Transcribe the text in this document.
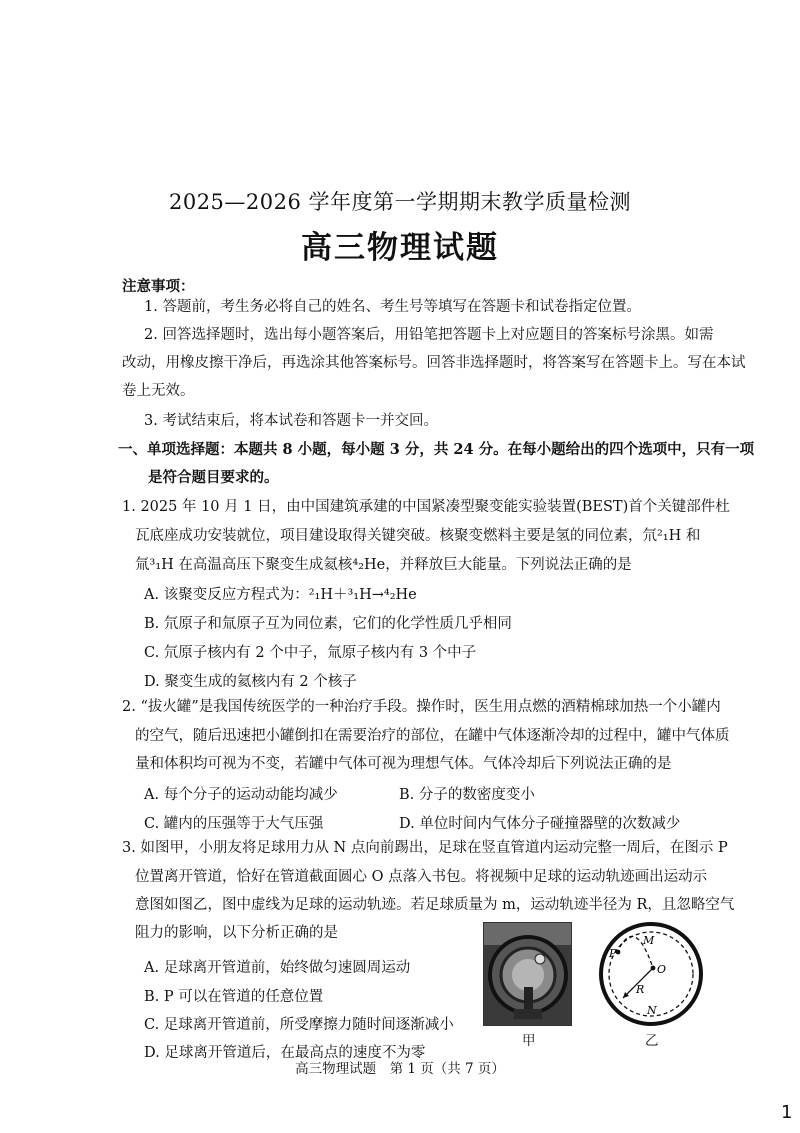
2025—2026 学年度第一学期期末教学质量检测
高三物理试题
注意事项：
1. 答题前，考生务必将自己的姓名、考生号等填写在答题卡和试卷指定位置。
2. 回答选择题时，选出每小题答案后，用铅笔把答题卡上对应题目的答案标号涂黑。如需
改动，用橡皮擦干净后，再选涂其他答案标号。回答非选择题时，将答案写在答题卡上。写在本试
卷上无效。
3. 考试结束后，将本试卷和答题卡一并交回。
一、单项选择题：本题共 8 小题，每小题 3 分，共 24 分。在每小题给出的四个选项中，只有一项
是符合题目要求的。
1. 2025 年 10 月 1 日，由中国建筑承建的中国紧凑型聚变能实验装置(BEST)首个关键部件杜
瓦底座成功安装就位，项目建设取得关键突破。核聚变燃料主要是氢的同位素，氘²₁H 和
氚³₁H 在高温高压下聚变生成氦核⁴₂He，并释放巨大能量。下列说法正确的是
A. 该聚变反应方程式为：²₁H＋³₁H→⁴₂He
B. 氘原子和氚原子互为同位素，它们的化学性质几乎相同
C. 氘原子核内有 2 个中子，氚原子核内有 3 个中子
D. 聚变生成的氦核内有 2 个核子
2. “拔火罐”是我国传统医学的一种治疗手段。操作时，医生用点燃的酒精棉球加热一个小罐内
的空气，随后迅速把小罐倒扣在需要治疗的部位，在罐中气体逐渐冷却的过程中，罐中气体质
量和体积均可视为不变，若罐中气体可视为理想气体。气体冷却后下列说法正确的是
A. 每个分子的运动动能均减少	B. 分子的数密度变小
C. 罐内的压强等于大气压强	D. 单位时间内气体分子碰撞器壁的次数减少
3. 如图甲，小朋友将足球用力从 N 点向前踢出，足球在竖直管道内运动完整一周后，在图示 P
位置离开管道，恰好在管道截面圆心 O 点落入书包。将视频中足球的运动轨迹画出运动示
意图如图乙，图中虚线为足球的运动轨迹。若足球质量为 m，运动轨迹半径为 R，且忽略空气
阻力的影响，以下分析正确的是
A. 足球离开管道前，始终做匀速圆周运动
B. P 可以在管道的任意位置
C. 足球离开管道前，所受摩擦力随时间逐渐减小
D. 足球离开管道后，在最高点的速度不为零
甲
M
O
P
R
N
乙
高三物理试题　第 1 页（共 7 页）
1
